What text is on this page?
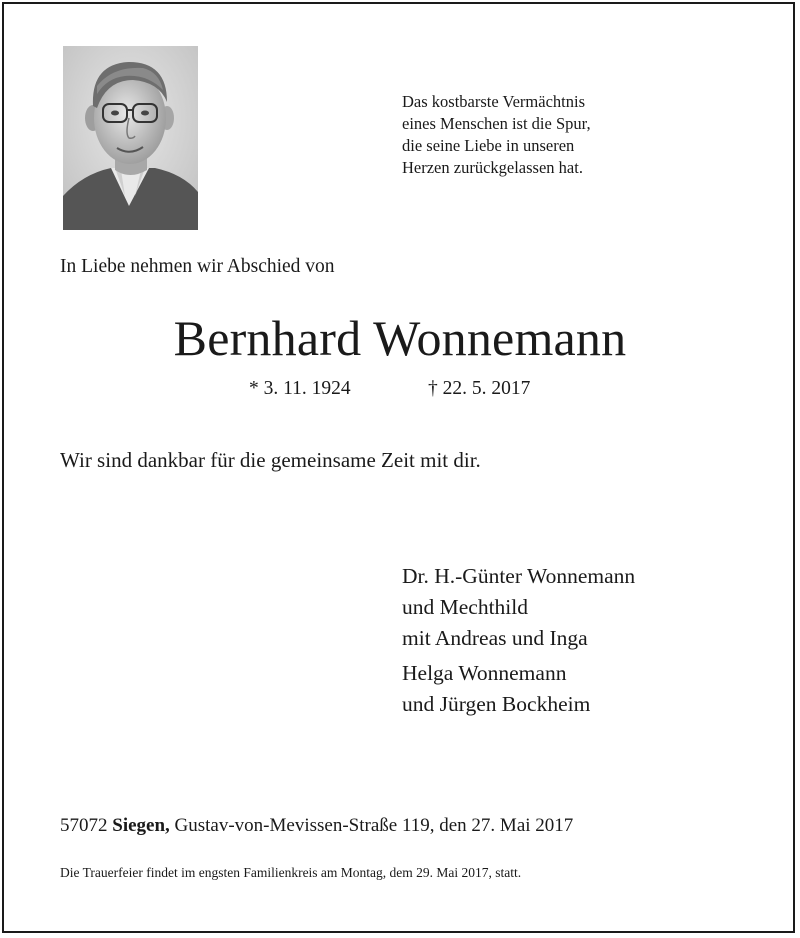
Das kostbarste Vermächtnis
eines Menschen ist die Spur,
die seine Liebe in unseren
Herzen zurückgelassen hat.
In Liebe nehmen wir Abschied von
Bernhard Wonnemann
* 3. 11. 1924	† 22. 5. 2017
Wir sind dankbar für die gemeinsame Zeit mit dir.
Dr. H.-Günter Wonnemann
und Mechthild
mit Andreas und Inga
Helga Wonnemann
und Jürgen Bockheim
57072 Siegen, Gustav-von-Mevissen-Straße 119, den 27. Mai 2017
Die Trauerfeier findet im engsten Familienkreis am Montag, dem 29. Mai 2017, statt.
